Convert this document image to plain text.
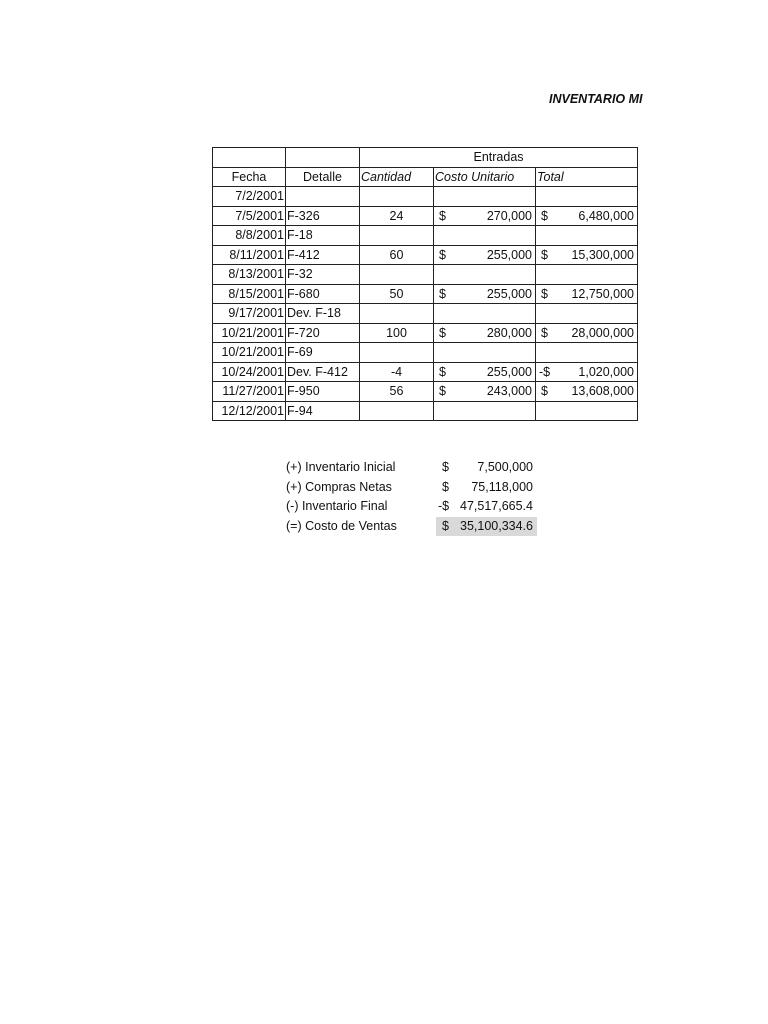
INVENTARIO MI
		Entradas		
Fecha	Detalle	Cantidad	Costo Unitario	Total
7/2/2001			

7/5/2001	F-326	24	$ 270,000	$ 6,480,000

8/8/2001	F-18		

8/11/2001	F-412	60	$ 255,000	$ 15,300,000

8/13/2001	F-32		

8/15/2001	F-680	50	$ 255,000	$ 12,750,000

9/17/2001	Dev. F-18		

10/21/2001	F-720	100	$ 280,000	$ 28,000,000

10/21/2001	F-69		

10/24/2001	Dev. F-412	-4	$ 255,000	-$ 1,020,000

11/27/2001	F-950	56	$ 243,000	$ 13,608,000

12/12/2001	F-94		

(+) Inventario Inicial	$ 7,500,000
(+) Compras Netas	$ 75,118,000
(-) Inventario Final	-$ 47,517,665.4
(=) Costo de Ventas	$ 35,100,334.6
